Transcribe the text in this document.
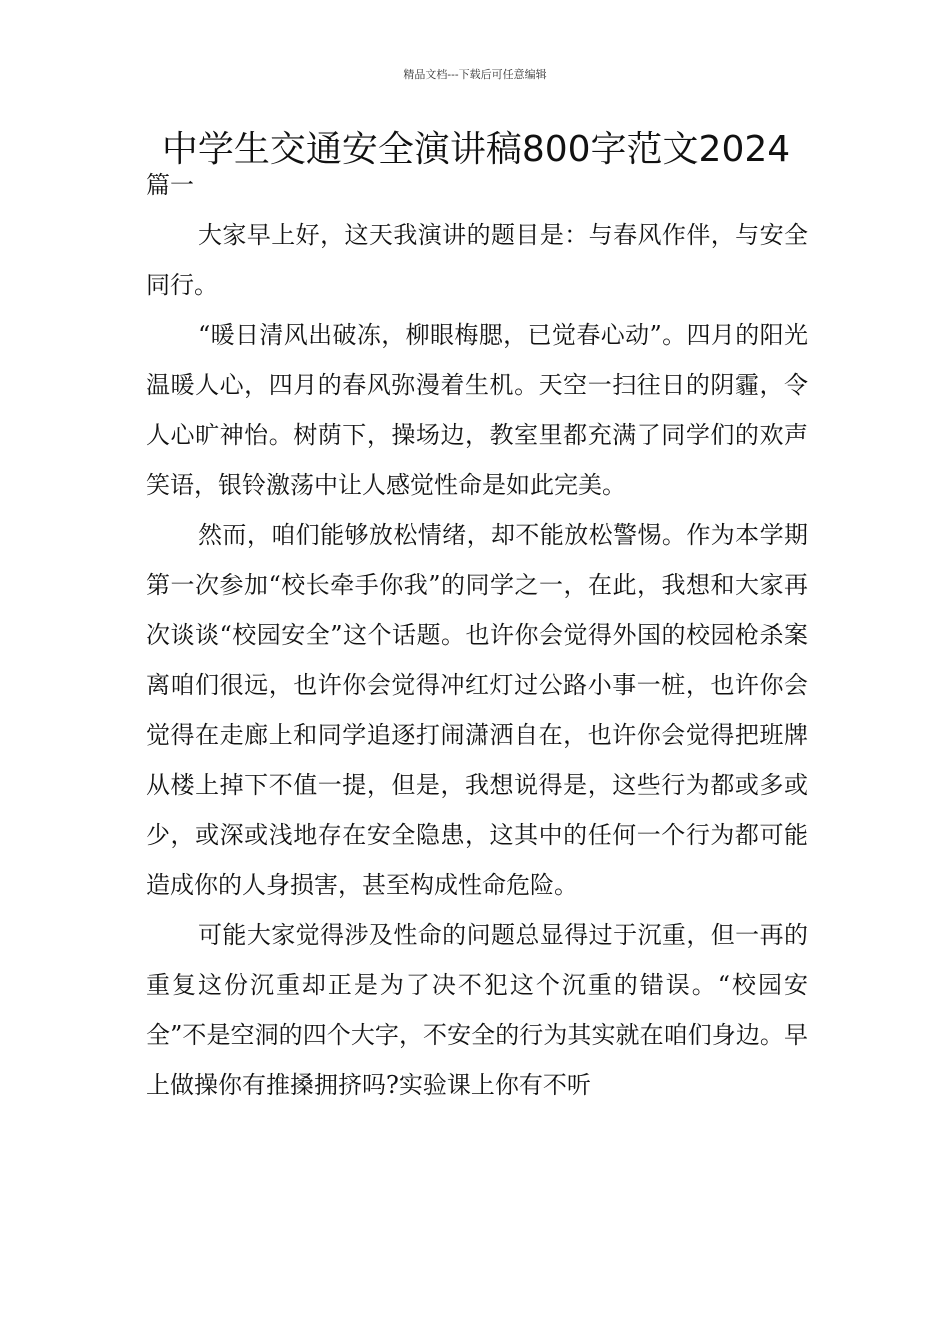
精品文档---下载后可任意编辑
中学生交通安全演讲稿800字范文2024

篇一

大家早上好，这天我演讲的题目是：与春风作伴，与安全同行。

“暖日清风出破冻，柳眼梅腮，已觉春心动”。四月的阳光温暖人心，四月的春风弥漫着生机。天空一扫往日的阴霾，令人心旷神怡。树荫下，操场边，教室里都充满了同学们的欢声笑语，银铃激荡中让人感觉性命是如此完美。

然而，咱们能够放松情绪，却不能放松警惕。作为本学期第一次参加“校长牵手你我”的同学之一，在此，我想和大家再次谈谈“校园安全”这个话题。也许你会觉得外国的校园枪杀案离咱们很远，也许你会觉得冲红灯过公路小事一桩，也许你会觉得在走廊上和同学追逐打闹潇洒自在，也许你会觉得把班牌从楼上掉下不值一提，但是，我想说得是，这些行为都或多或少，或深或浅地存在安全隐患，这其中的任何一个行为都可能造成你的人身损害，甚至构成性命危险。

可能大家觉得涉及性命的问题总显得过于沉重，但一再的重复这份沉重却正是为了决不犯这个沉重的错误。“校园安全”不是空洞的四个大字，不安全的行为其实就在咱们身边。早上做操你有推搡拥挤吗?实验课上你有不听
